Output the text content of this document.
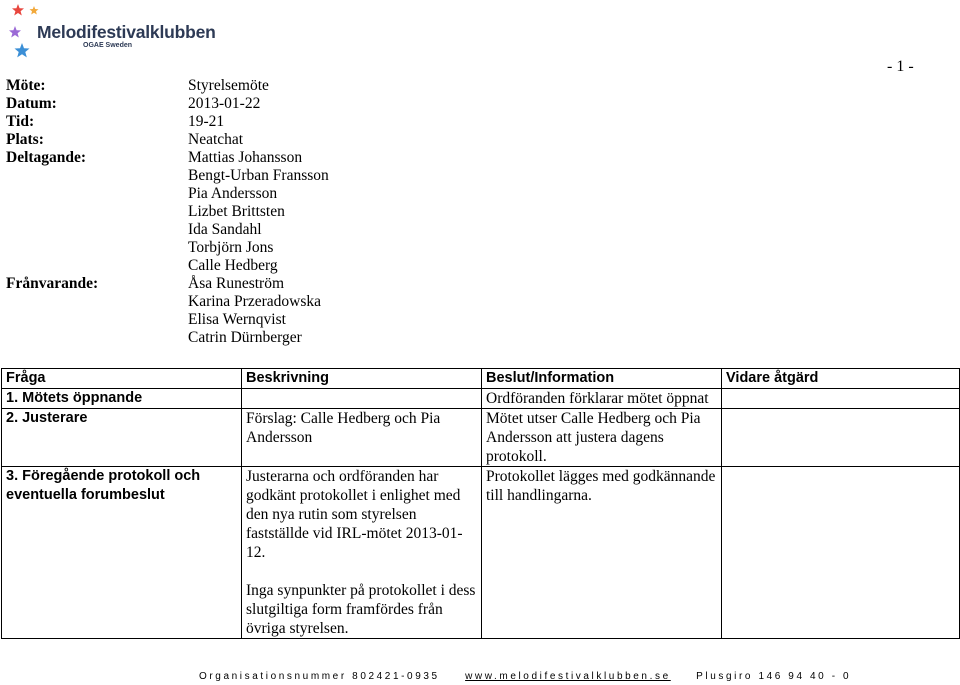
Melodifestivalklubben
OGAE Sweden
- 1 -
Möte:	Styrelsemöte
Datum:	2013-01-22
Tid:	19-21
Plats:	Neatchat
Deltagande:	Mattias Johansson
Bengt-Urban Fransson
Pia Andersson
Lizbet Brittsten
Ida Sandahl
Torbjörn Jons
Calle Hedberg
Frånvarande:	Åsa Runeström
Karina Przeradowska
Elisa Wernqvist
Catrin Dürnberger
Fråga	Beskrivning	Beslut/Information	Vidare åtgärd
1. Mötets öppnande		Ordföranden förklarar mötet öppnat	
2. Justerare	Förslag: Calle Hedberg och Pia Andersson	Mötet utser Calle Hedberg och Pia Andersson att justera dagens protokoll.	
3. Föregående protokoll och eventuella forumbeslut	Justerarna och ordföranden har godkänt protokollet i enlighet med den nya rutin som styrelsen fastställde vid IRL-mötet 2013-01-12.
Inga synpunkter på protokollet i dess slutgiltiga form framfördes från övriga styrelsen.	Protokollet lägges med godkännande till handlingarna.	
Organisationsnummer 802421-0935	www.melodifestivalklubben.se	Plusgiro 146 94 40 - 0
